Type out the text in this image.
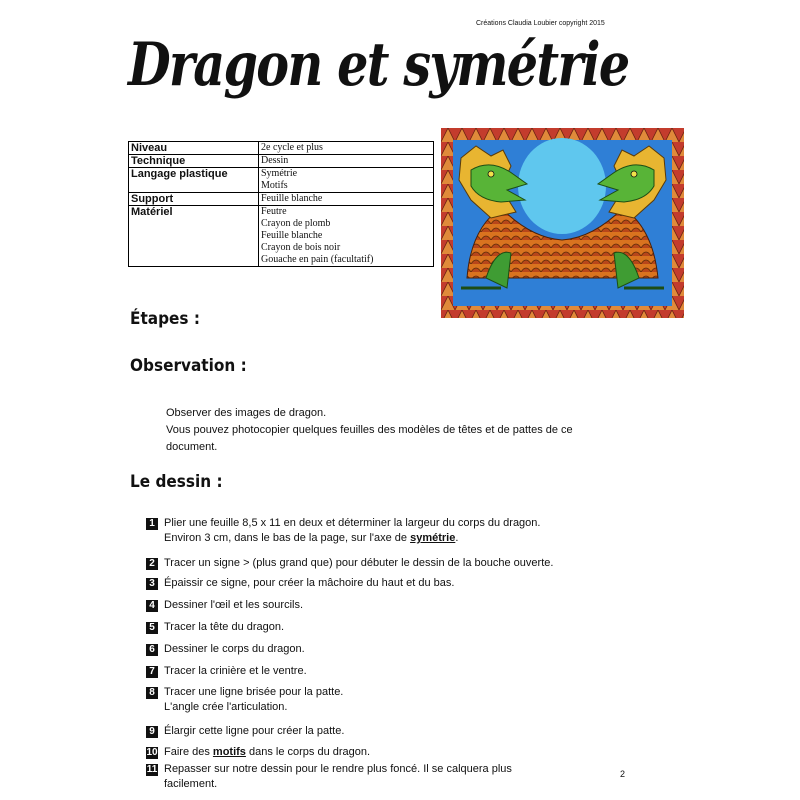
Créations Claudia Loubier copyright 2015
Dragon et symétrie
Niveau	2e cycle et plus

Technique	Dessin

Langage plastique	Symétrie
Motifs

Support	Feuille blanche

Matériel	Feutre
Crayon de plomb
Feuille blanche
Crayon de bois noir
Gouache en pain (facultatif)
Étapes :
Observation :

Observer des images de dragon.

Vous pouvez photocopier quelques feuilles des modèles de têtes et de pattes de ce document.

Le dessin :
1 Plier une feuille 8,5 x 11 en deux et déterminer la largeur du corps du dragon.
Environ 3 cm, dans le bas de la page, sur l'axe de symétrie.
2 Tracer un signe > (plus grand que) pour débuter le dessin de la bouche ouverte.
3 Épaissir ce signe, pour créer la mâchoire du haut et du bas.
4 Dessiner l'œil et les sourcils.
5 Tracer la tête du dragon.
6 Dessiner le corps du dragon.
7 Tracer la crinière et le ventre.
8 Tracer une ligne brisée pour la patte.
L'angle crée l'articulation.
9 Élargir cette ligne pour créer la patte.
10 Faire des motifs dans le corps du dragon.
11 Repasser sur notre dessin pour le rendre plus foncé. Il se calquera plus
facilement.
2
